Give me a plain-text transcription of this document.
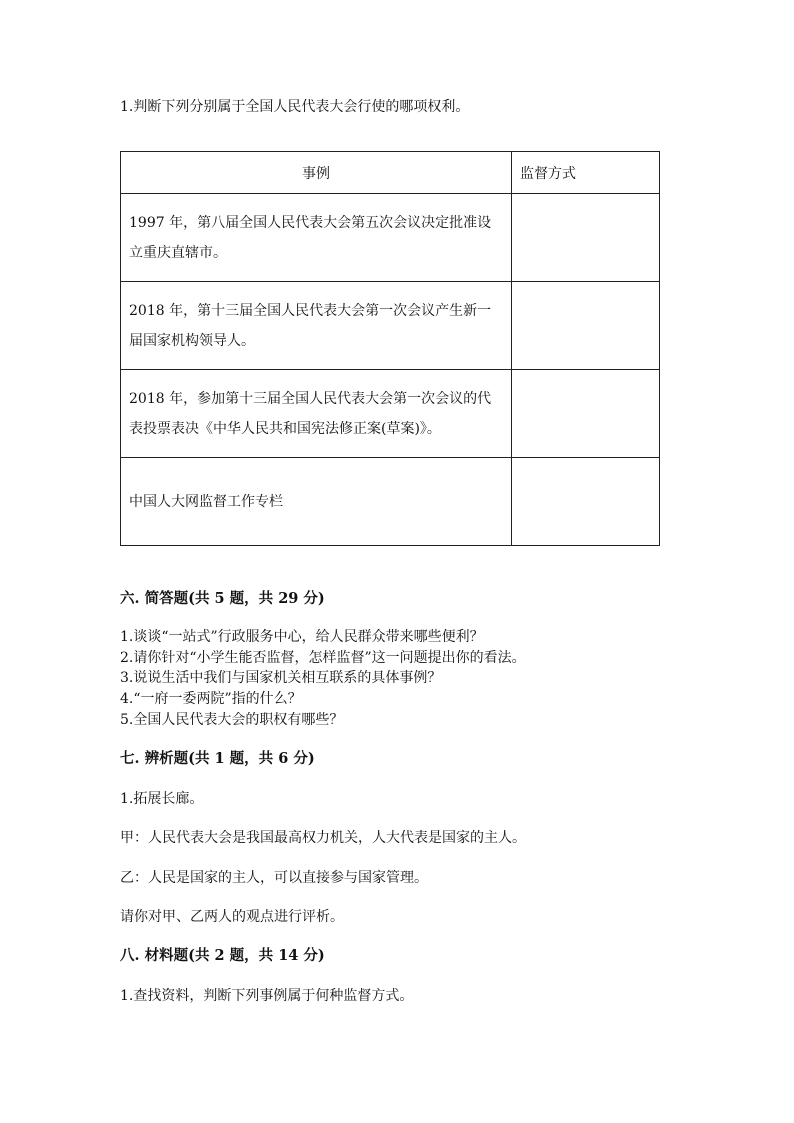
1.判断下列分别属于全国人民代表大会行使的哪项权利。
事例	监督方式
1997 年，第八届全国人民代表大会第五次会议决定批准设立重庆直辖市。	
2018 年，第十三届全国人民代表大会第一次会议产生新一届国家机构领导人。	
2018 年，参加第十三届全国人民代表大会第一次会议的代表投票表决《中华人民共和国宪法修正案(草案)》。	
中国人大网监督工作专栏	
六. 简答题(共 5 题，共 29 分)
1.谈谈“一站式”行政服务中心，给人民群众带来哪些便利？
2.请你针对“小学生能否监督，怎样监督”这一问题提出你的看法。
3.说说生活中我们与国家机关相互联系的具体事例？
4.“一府一委两院”指的什么？
5.全国人民代表大会的职权有哪些？
七. 辨析题(共 1 题，共 6 分)
1.拓展长廊。
甲：人民代表大会是我国最高权力机关，人大代表是国家的主人。
乙：人民是国家的主人，可以直接参与国家管理。
请你对甲、乙两人的观点进行评析。
八. 材料题(共 2 题，共 14 分)
1.查找资料，判断下列事例属于何种监督方式。
